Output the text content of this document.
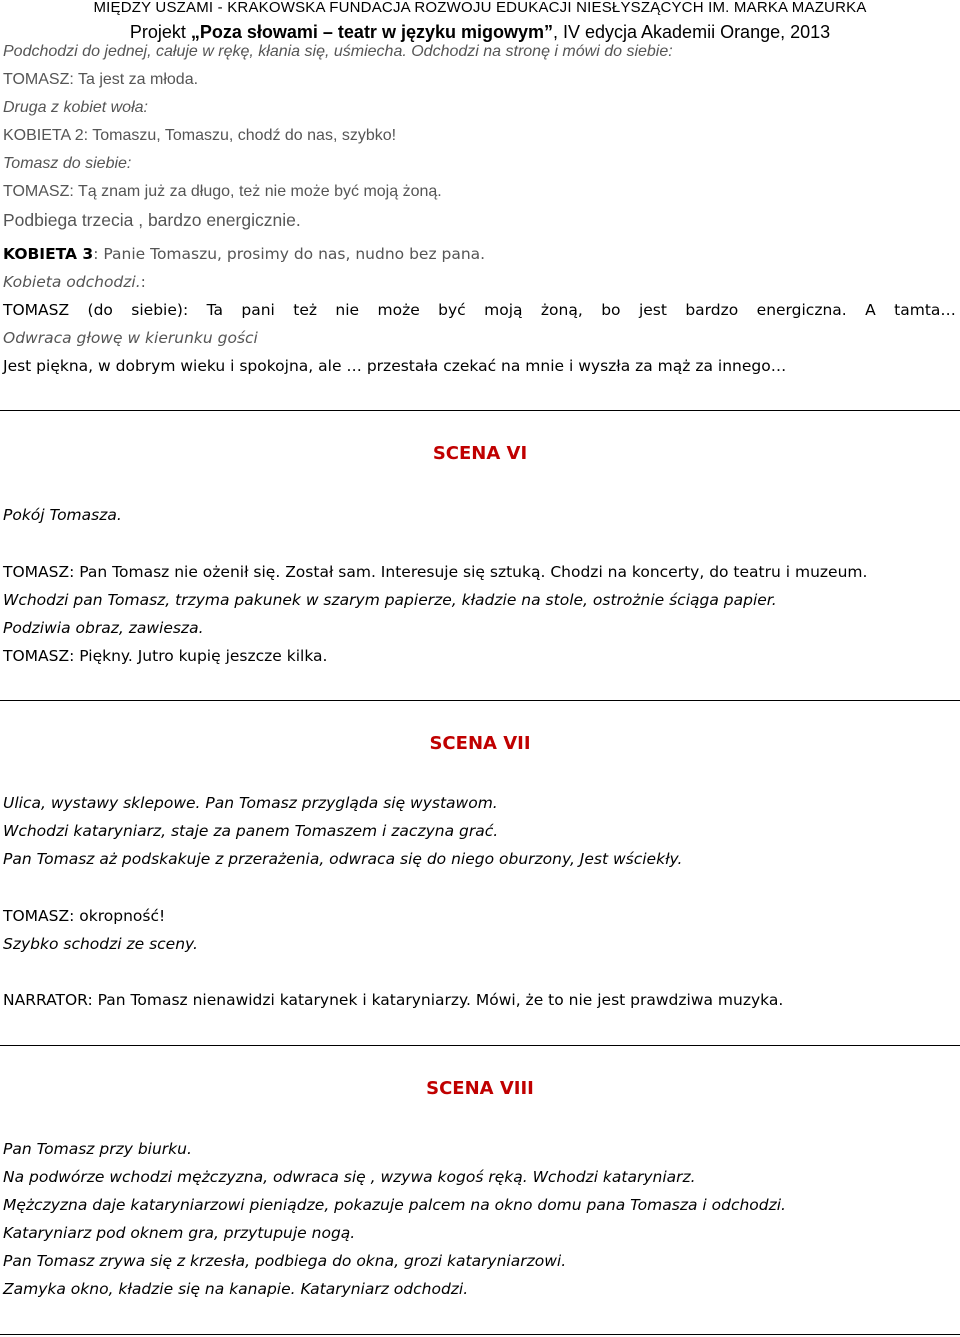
MIĘDZY USZAMI - KRAKOWSKA FUNDACJA ROZWOJU EDUKACJI NIESŁYSZĄCYCH IM. MARKA MAZURKA
Projekt „Poza słowami – teatr w języku migowym”, IV edycja Akademii Orange, 2013
Podchodzi do jednej, całuje w rękę, kłania się, uśmiecha. Odchodzi na stronę i mówi do siebie:
TOMASZ: Ta jest za młoda.
Druga z kobiet woła:
KOBIETA 2: Tomaszu, Tomaszu, chodź do nas, szybko!
Tomasz do siebie:
TOMASZ: Tą znam już za długo, też nie może być moją żoną.
Podbiega trzecia , bardzo energicznie.
KOBIETA 3: Panie Tomaszu, prosimy do nas, nudno bez pana.
Kobieta odchodzi.:
TOMASZ (do siebie): Ta pani też nie może być moją żoną, bo jest bardzo energiczna. A tamta…
Odwraca głowę w kierunku gości
Jest piękna, w dobrym wieku i spokojna, ale … przestała czekać na mnie i wyszła za mąż za innego…
SCENA VI
Pokój Tomasza.
TOMASZ: Pan Tomasz nie ożenił się. Został sam. Interesuje się sztuką. Chodzi na koncerty, do teatru i muzeum.
Wchodzi pan Tomasz, trzyma pakunek w szarym papierze, kładzie na stole, ostrożnie ściąga papier.
Podziwia obraz, zawiesza.
TOMASZ: Piękny. Jutro kupię jeszcze kilka.
SCENA VII
Ulica, wystawy sklepowe. Pan Tomasz przygląda się wystawom.
Wchodzi kataryniarz, staje za panem Tomaszem i zaczyna grać.
Pan Tomasz aż podskakuje z przerażenia, odwraca się do niego oburzony, Jest wściekły.
TOMASZ: okropność!
Szybko schodzi ze sceny.
NARRATOR: Pan Tomasz nienawidzi katarynek i kataryniarzy. Mówi, że to nie jest prawdziwa muzyka.
SCENA VIII
Pan Tomasz przy biurku.
Na podwórze wchodzi mężczyzna, odwraca się , wzywa kogoś ręką. Wchodzi kataryniarz.
Mężczyzna daje kataryniarzowi pieniądze, pokazuje palcem na okno domu pana Tomasza i odchodzi.
Kataryniarz pod oknem gra, przytupuje nogą.
Pan Tomasz zrywa się z krzesła, podbiega do okna, grozi kataryniarzowi.
Zamyka okno, kładzie się na kanapie. Kataryniarz odchodzi.
